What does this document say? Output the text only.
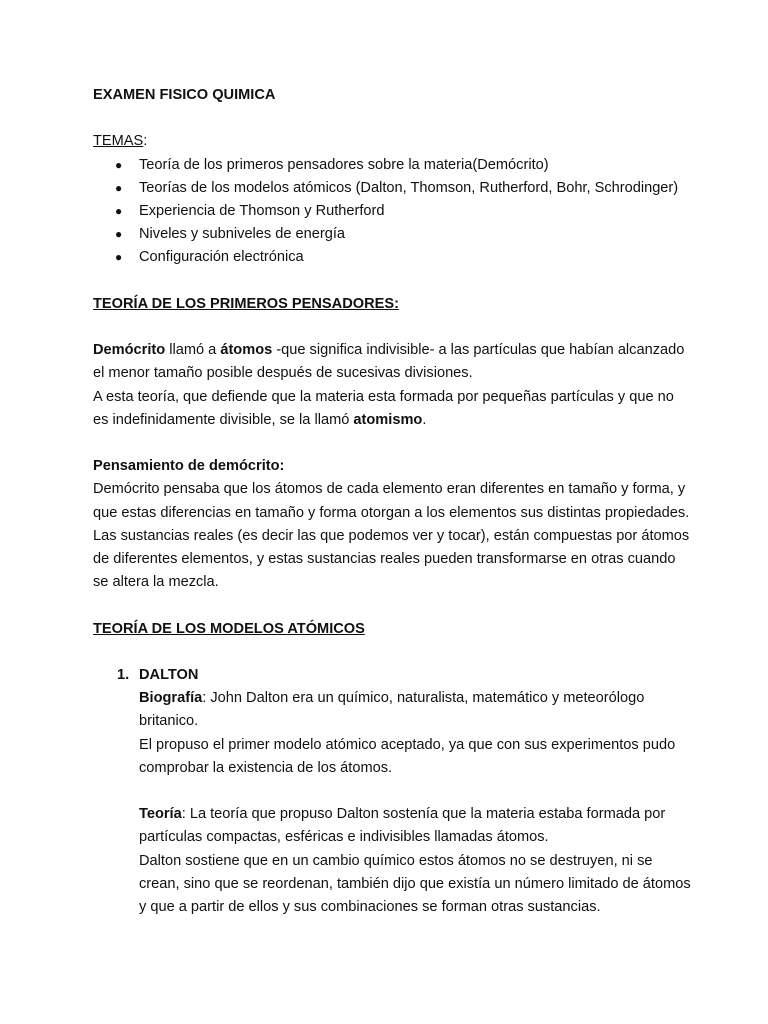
EXAMEN FISICO QUIMICA

TEMAS:

● Teoría de los primeros pensadores sobre la materia(Demócrito)
● Teorías de los modelos atómicos (Dalton, Thomson, Rutherford, Bohr, Schrodinger)
● Experiencia de Thomson y Rutherford
● Niveles y subniveles de energía
● Configuración electrónica

TEORÍA DE LOS PRIMEROS PENSADORES:

Demócrito llamó a átomos -que significa indivisible- a las partículas que habían alcanzado el menor tamaño posible después de sucesivas divisiones.

A esta teoría, que defiende que la materia esta formada por pequeñas partículas y que no es indefinidamente divisible, se la llamó atomismo.

Pensamiento de demócrito:

Demócrito pensaba que los átomos de cada elemento eran diferentes en tamaño y forma, y que estas diferencias en tamaño y forma otorgan a los elementos sus distintas propiedades. Las sustancias reales (es decir las que podemos ver y tocar), están compuestas por átomos de diferentes elementos, y estas sustancias reales pueden transformarse en otras cuando se altera la mezcla.

TEORÍA DE LOS MODELOS ATÓMICOS

1. DALTON

Biografía: John Dalton era un químico, naturalista, matemático y meteorólogo britanico.

El propuso el primer modelo atómico aceptado, ya que con sus experimentos pudo comprobar la existencia de los átomos.

Teoría: La teoría que propuso Dalton sostenía que la materia estaba formada por partículas compactas, esféricas e indivisibles llamadas átomos.

Dalton sostiene que en un cambio químico estos átomos no se destruyen, ni se crean, sino que se reordenan, también dijo que existía un número limitado de átomos y que a partir de ellos y sus combinaciones se forman otras sustancias.
